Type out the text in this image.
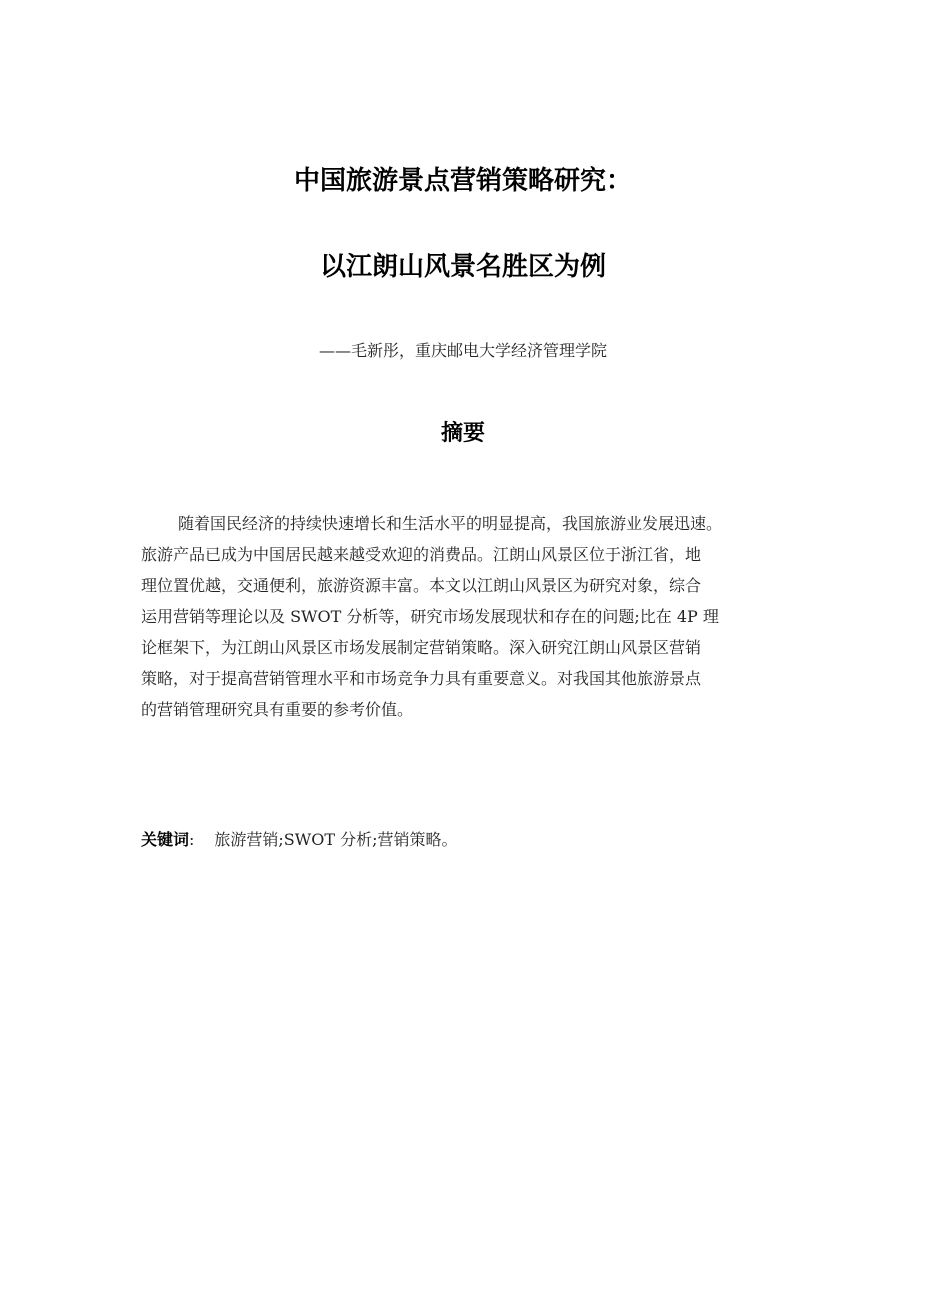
中国旅游景点营销策略研究：
以江朗山风景名胜区为例
——毛新彤，重庆邮电大学经济管理学院
摘要
随着国民经济的持续快速增长和生活水平的明显提高，我国旅游业发展迅速。
旅游产品已成为中国居民越来越受欢迎的消费品。江朗山风景区位于浙江省，地
理位置优越，交通便利，旅游资源丰富。本文以江朗山风景区为研究对象，综合
运用营销等理论以及 SWOT 分析等，研究市场发展现状和存在的问题;比在 4P 理
论框架下，为江朗山风景区市场发展制定营销策略。深入研究江朗山风景区营销
策略，对于提高营销管理水平和市场竞争力具有重要意义。对我国其他旅游景点
的营销管理研究具有重要的参考价值。
关键词: 旅游营销;SWOT 分析;营销策略。
